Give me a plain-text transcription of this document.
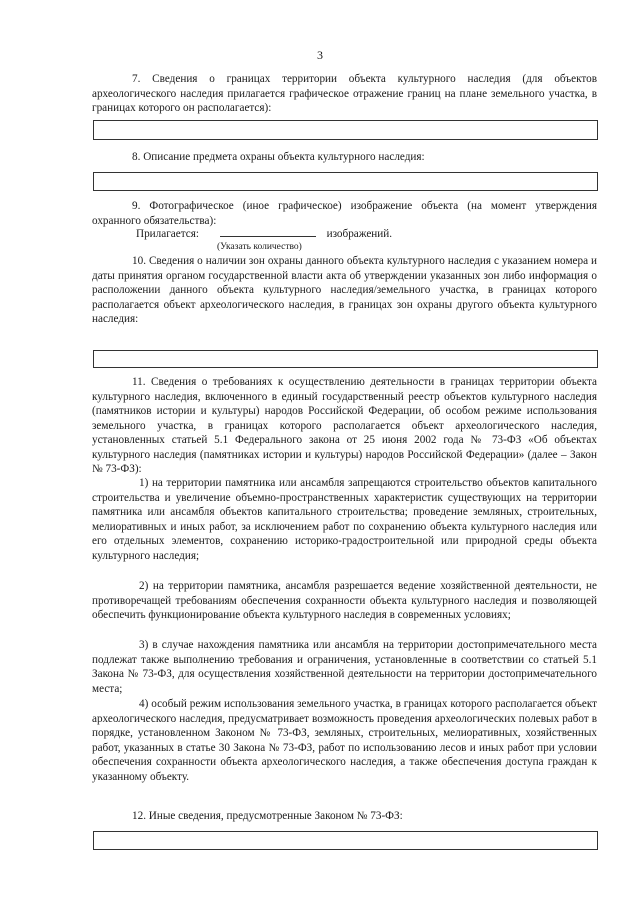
3
7. Сведения о границах территории объекта культурного наследия (для объектов археологического наследия прилагается графическое отражение границ на плане земельного участка, в границах которого он располагается):
8. Описание предмета охраны объекта культурного наследия:
9. Фотографическое (иное графическое) изображение объекта (на момент утверждения охранного обязательства):
Прилагается:	изображений.
(Указать количество)
10. Сведения о наличии зон охраны данного объекта культурного наследия с указанием номера и даты принятия органом государственной власти акта об утверждении указанных зон либо информация о расположении данного объекта культурного наследия/земельного участка, в границах которого располагается объект археологического наследия, в границах зон охраны другого объекта культурного наследия:
11. Сведения о требованиях к осуществлению деятельности в границах территории объекта культурного наследия, включенного в единый государственный реестр объектов культурного наследия (памятников истории и культуры) народов Российской Федерации, об особом режиме использования земельного участка, в границах которого располагается объект археологического наследия, установленных статьей 5.1 Федерального закона от 25 июня 2002 года № 73-ФЗ «Об объектах культурного наследия (памятниках истории и культуры) народов Российской Федерации» (далее – Закон № 73-ФЗ):
1) на территории памятника или ансамбля запрещаются строительство объектов капитального строительства и увеличение объемно-пространственных характеристик существующих на территории памятника или ансамбля объектов капитального строительства; проведение земляных, строительных, мелиоративных и иных работ, за исключением работ по сохранению объекта культурного наследия или его отдельных элементов, сохранению историко-градостроительной или природной среды объекта культурного наследия;
2) на территории памятника, ансамбля разрешается ведение хозяйственной деятельности, не противоречащей требованиям обеспечения сохранности объекта культурного наследия и позволяющей обеспечить функционирование объекта культурного наследия в современных условиях;
3) в случае нахождения памятника или ансамбля на территории достопримечательного места подлежат также выполнению требования и ограничения, установленные в соответствии со статьей 5.1 Закона № 73-ФЗ, для осуществления хозяйственной деятельности на территории достопримечательного места;
4) особый режим использования земельного участка, в границах которого располагается объект археологического наследия, предусматривает возможность проведения археологических полевых работ в порядке, установленном Законом № 73-ФЗ, земляных, строительных, мелиоративных, хозяйственных работ, указанных в статье 30 Закона № 73-ФЗ, работ по использованию лесов и иных работ при условии обеспечения сохранности объекта археологического наследия, а также обеспечения доступа граждан к указанному объекту.
12. Иные сведения, предусмотренные Законом № 73-ФЗ:
